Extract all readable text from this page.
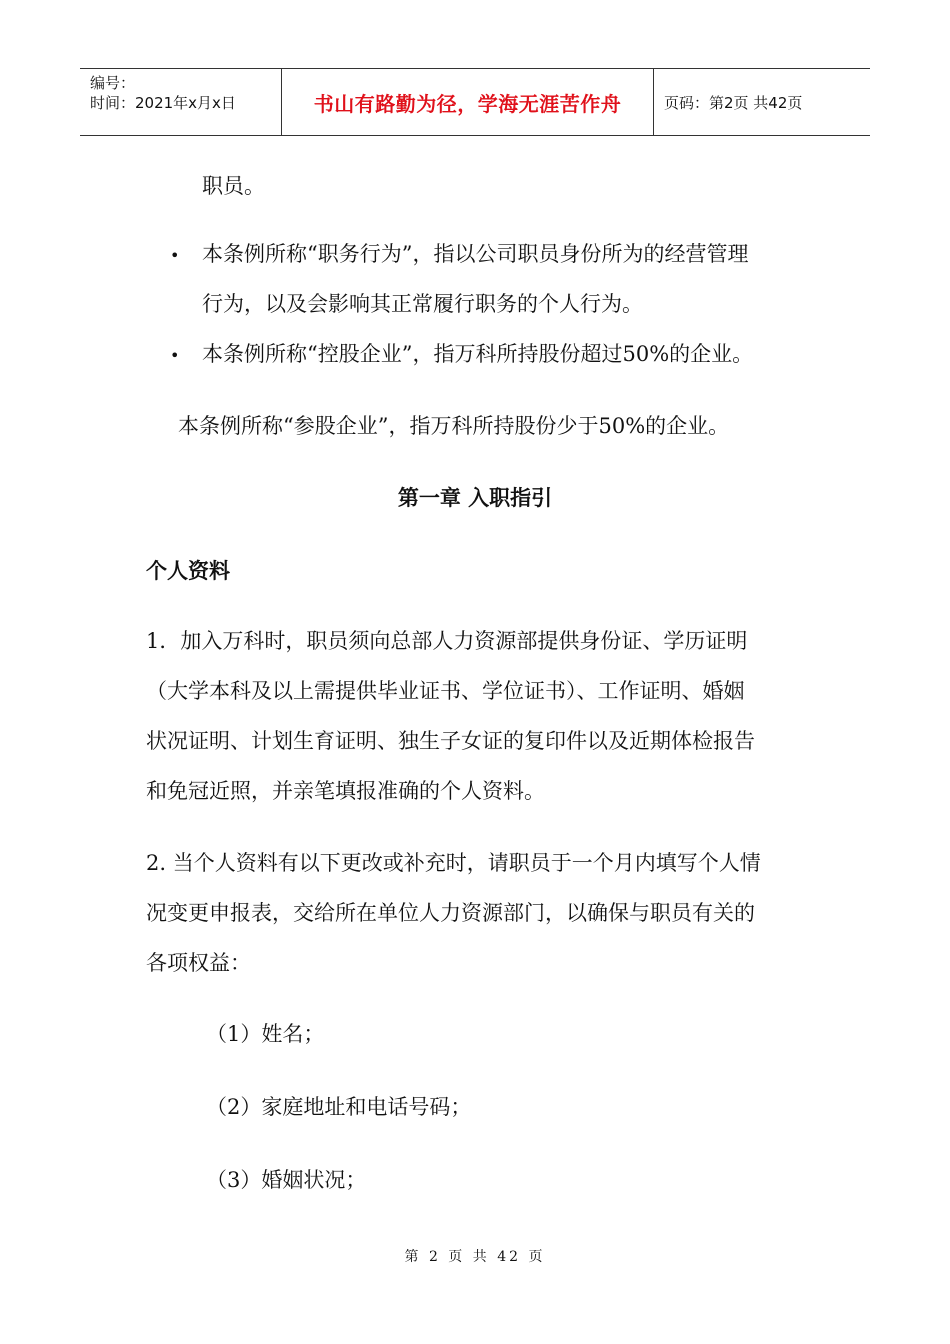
编号：
时间：2021年x月x日	书山有路勤为径，学海无涯苦作舟	页码：第2页 共42页
职员。
• 本条例所称“职务行为”，指以公司职员身份所为的经营管理
行为，以及会影响其正常履行职务的个人行为。
• 本条例所称“控股企业”，指万科所持股份超过50%的企业。
本条例所称“参股企业”，指万科所持股份少于50%的企业。
第一章 入职指引
个人资料
1．加入万科时，职员须向总部人力资源部提供身份证、学历证明
（大学本科及以上需提供毕业证书、学位证书）、工作证明、婚姻
状况证明、计划生育证明、独生子女证的复印件以及近期体检报告
和免冠近照，并亲笔填报准确的个人资料。
2. 当个人资料有以下更改或补充时，请职员于一个月内填写个人情
况变更申报表，交给所在单位人力资源部门，以确保与职员有关的
各项权益：
（1）姓名；
（2）家庭地址和电话号码；
（3）婚姻状况；
第 2 页 共 42 页
